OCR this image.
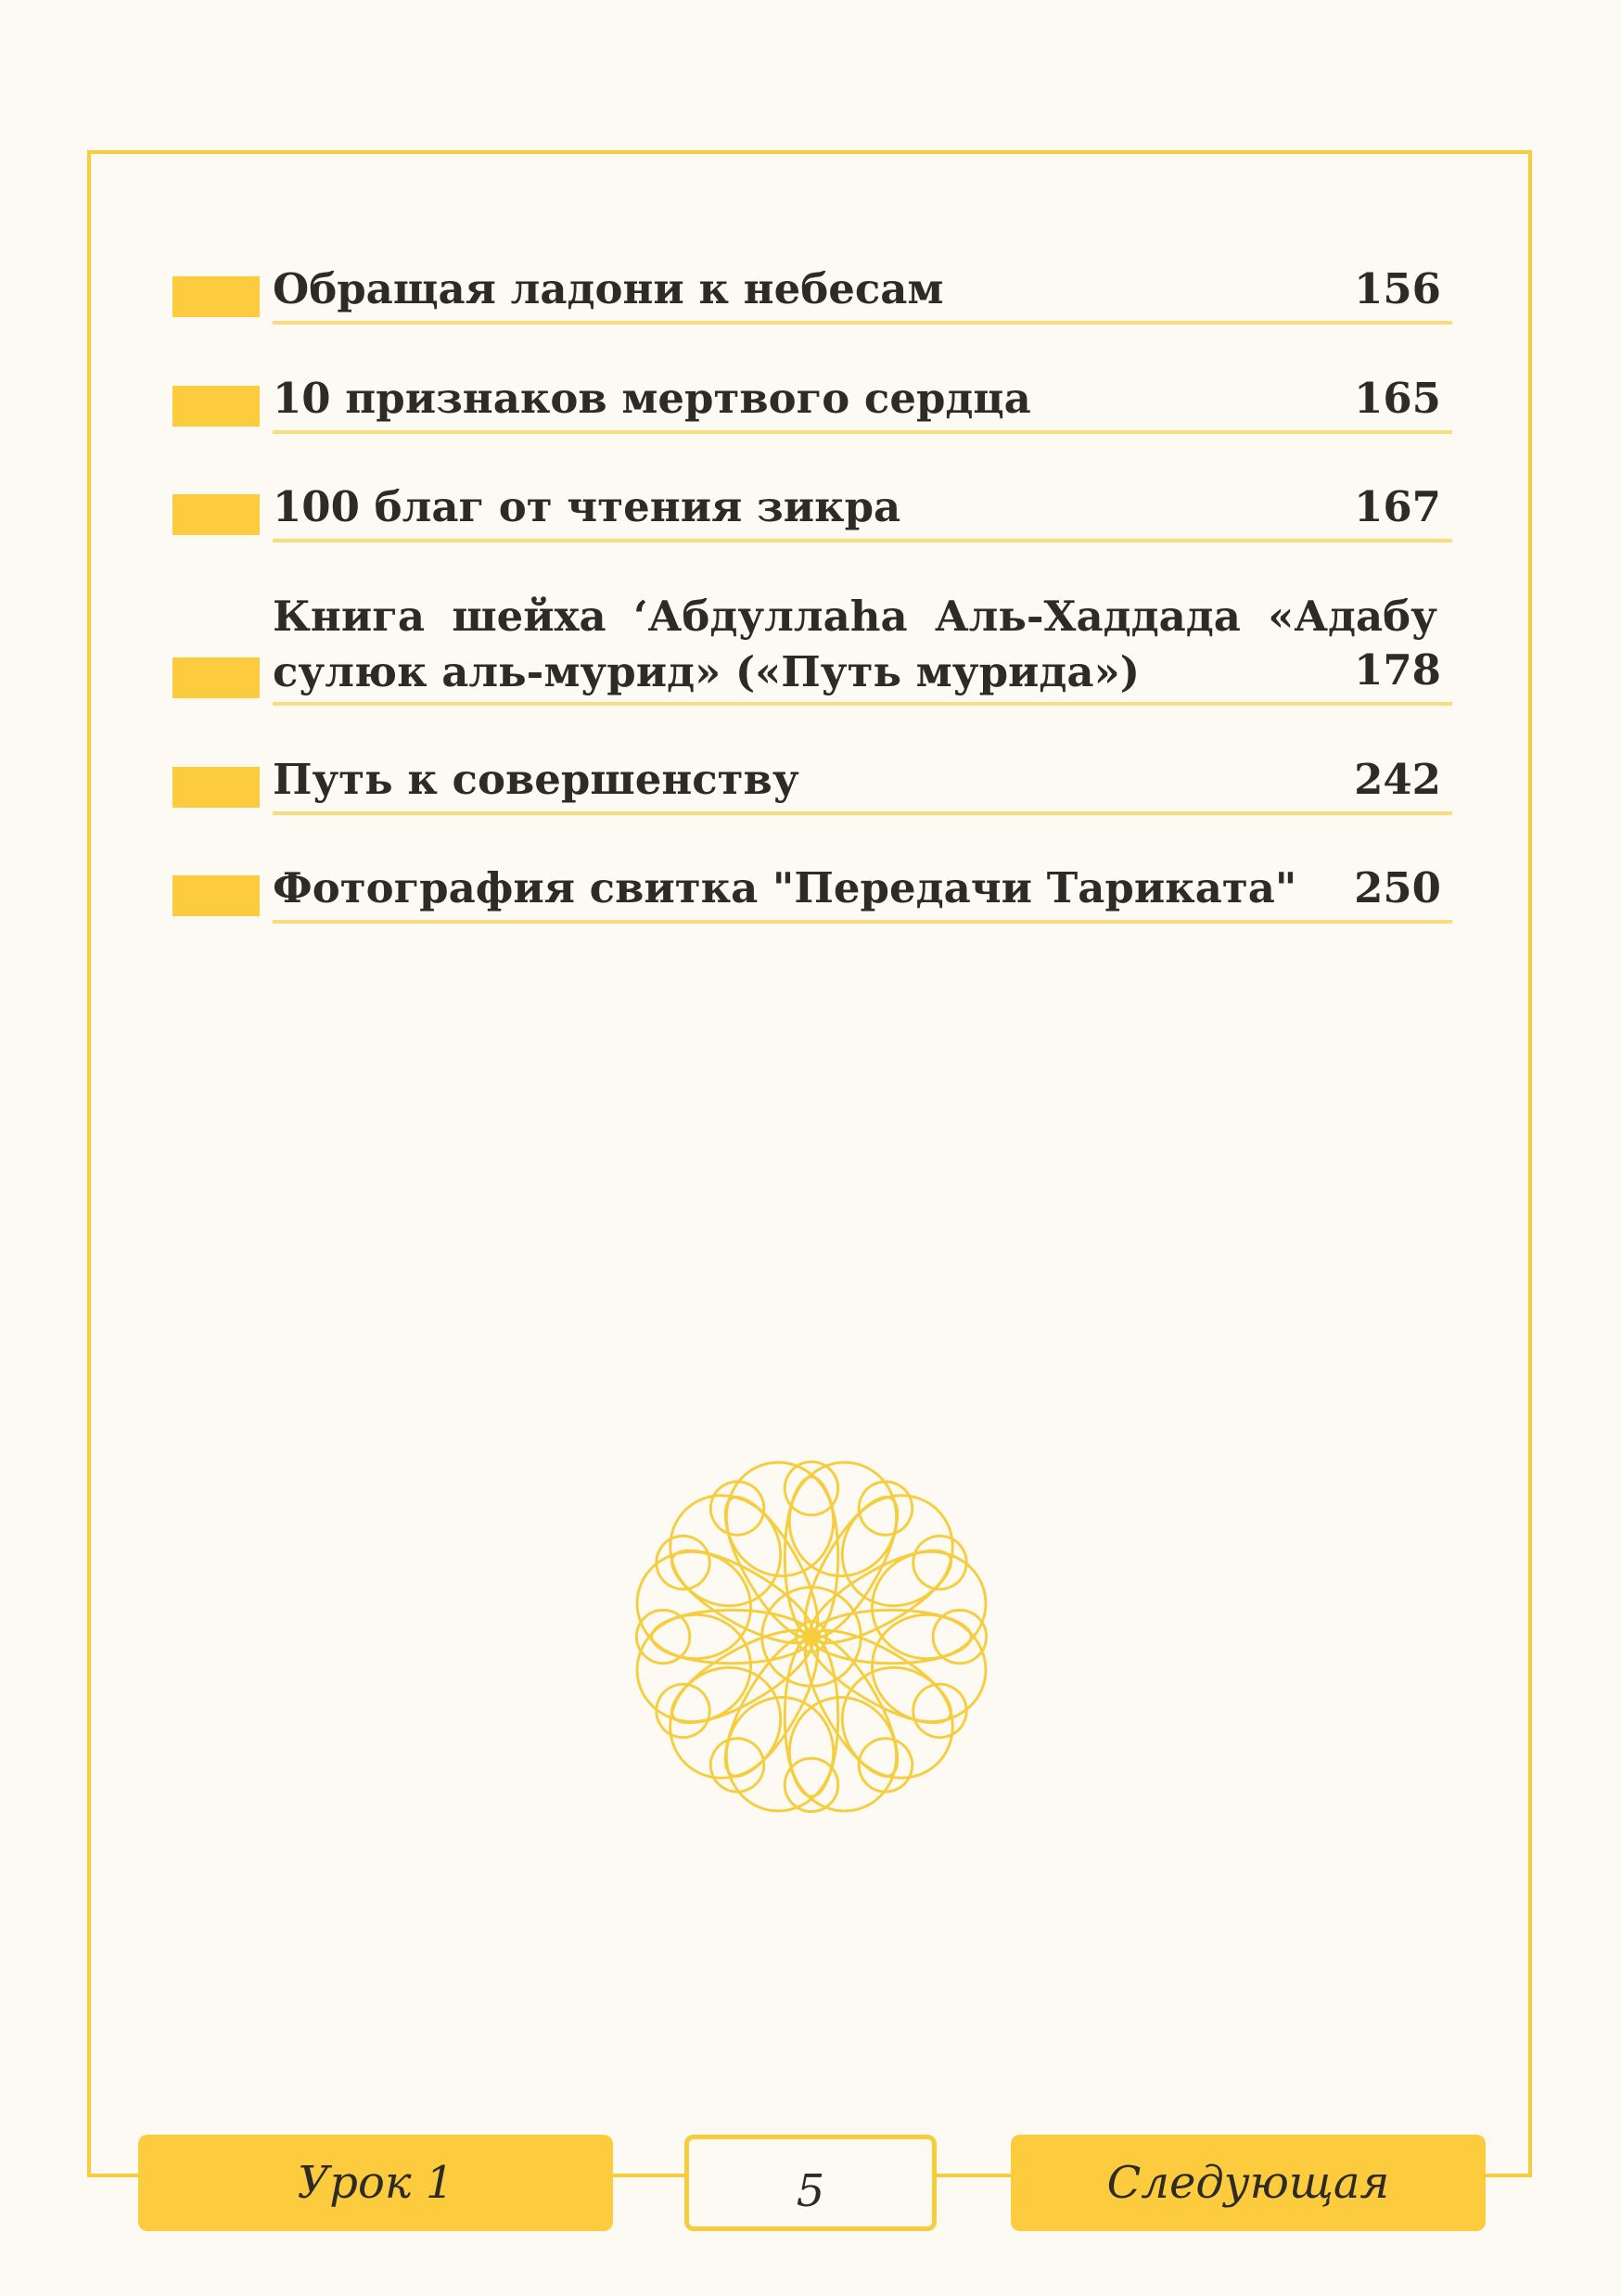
Обращая ладони к небесам	156
10 признаков мертвого сердца	165
100 благ от чтения зикра	167
Книга шейха ‘Абдуллаhа Аль-Хаддада «Адабу сулюк аль-мурид» («Путь мурида»)	178
Путь к совершенству	242
Фотография свитка "Передачи Тариката" 250
Урок 1	5	Следующая
